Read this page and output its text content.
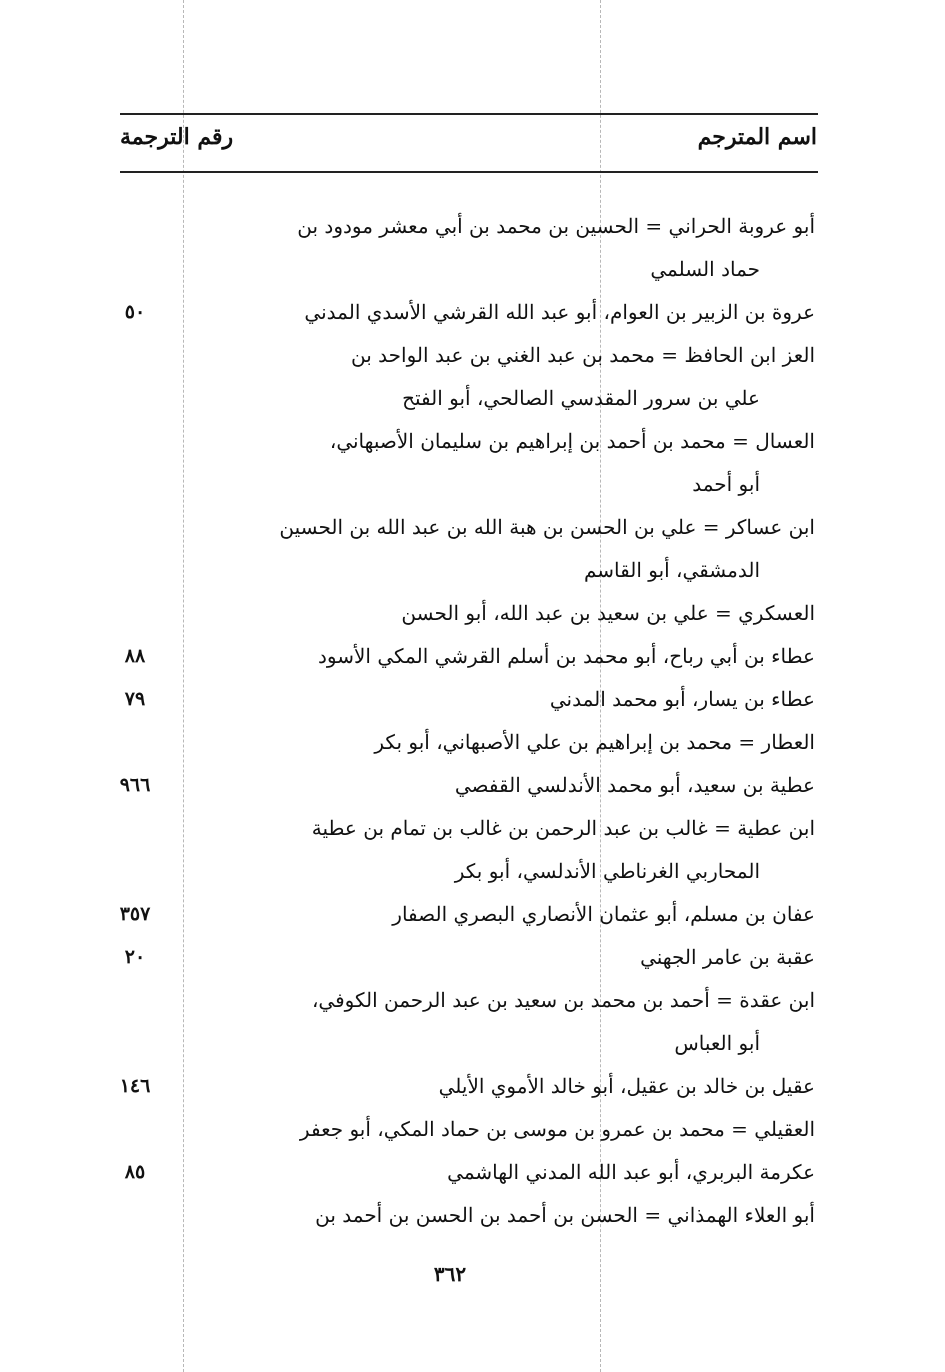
اسم المترجم
رقم الترجمة
أبو عروبة الحراني = الحسين بن محمد بن أبي معشر مودود بن
حماد السلمي
عروة بن الزبير بن العوام، أبو عبد الله القرشي الأسدي المدني
٥٠
العز ابن الحافظ = محمد بن عبد الغني بن عبد الواحد بن
علي بن سرور المقدسي الصالحي، أبو الفتح
العسال = محمد بن أحمد بن إبراهيم بن سليمان الأصبهاني،
أبو أحمد
ابن عساكر = علي بن الحسن بن هبة الله بن عبد الله بن الحسين
الدمشقي، أبو القاسم
العسكري = علي بن سعيد بن عبد الله، أبو الحسن
عطاء بن أبي رباح، أبو محمد بن أسلم القرشي المكي الأسود
٨٨
عطاء بن يسار، أبو محمد المدني
٧٩
العطار = محمد بن إبراهيم بن علي الأصبهاني، أبو بكر
عطية بن سعيد، أبو محمد الأندلسي القفصي
٩٦٦
ابن عطية = غالب بن عبد الرحمن بن غالب بن تمام بن عطية
المحاربي الغرناطي الأندلسي، أبو بكر
عفان بن مسلم، أبو عثمان الأنصاري البصري الصفار
٣٥٧
عقبة بن عامر الجهني
٢٠
ابن عقدة = أحمد بن محمد بن سعيد بن عبد الرحمن الكوفي،
أبو العباس
عقيل بن خالد بن عقيل، أبو خالد الأموي الأيلي
١٤٦
العقيلي = محمد بن عمرو بن موسى بن حماد المكي، أبو جعفر
عكرمة البربري، أبو عبد الله المدني الهاشمي
٨٥
أبو العلاء الهمذاني = الحسن بن أحمد بن الحسن بن أحمد بن
٣٦٢
